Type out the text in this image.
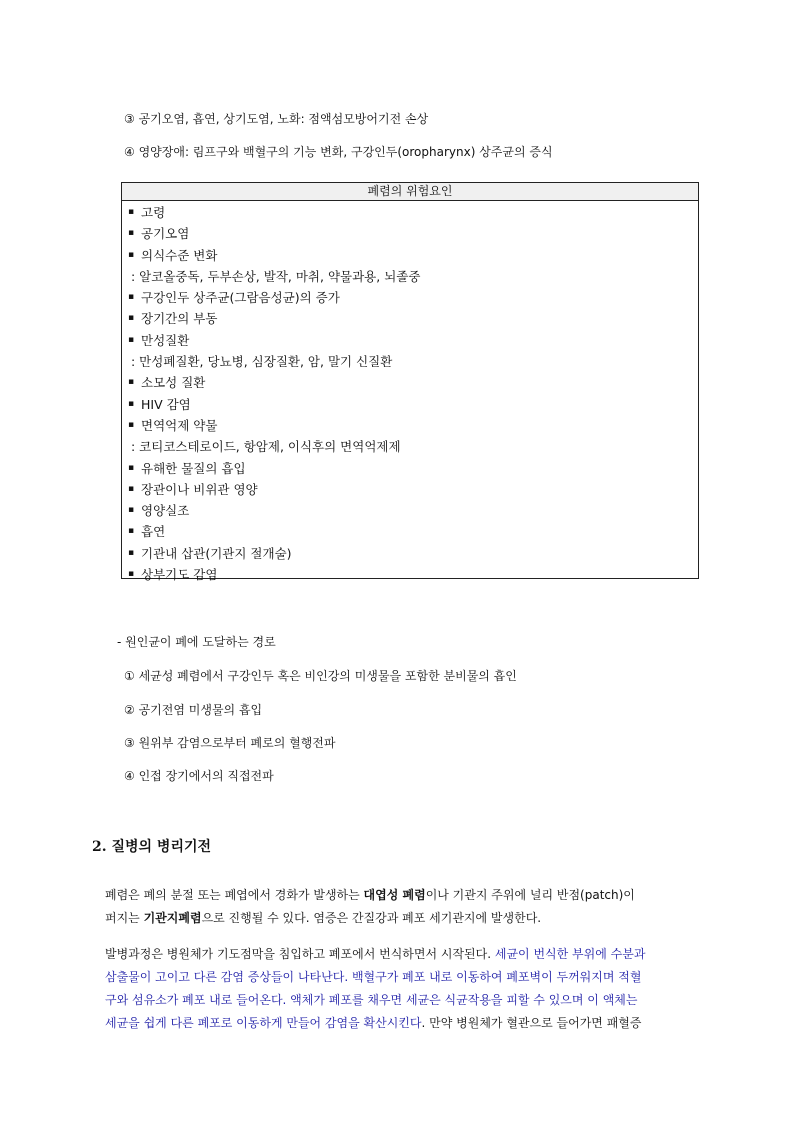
③ 공기오염, 흡연, 상기도염, 노화: 점액섬모방어기전 손상
④ 영양장애: 림프구와 백혈구의 기능 변화, 구강인두(oropharynx) 상주균의 증식
폐렴의 위험요인
▪ 고령
▪ 공기오염
▪ 의식수준 변화
: 알코올중독, 두부손상, 발작, 마취, 약물과용, 뇌졸중
▪ 구강인두 상주균(그람음성균)의 증가
▪ 장기간의 부동
▪ 만성질환
: 만성폐질환, 당뇨병, 심장질환, 암, 말기 신질환
▪ 소모성 질환
▪ HIV 감염
▪ 면역억제 약물
: 코티코스테로이드, 항암제, 이식후의 면역억제제
▪ 유해한 물질의 흡입
▪ 장관이나 비위관 영양
▪ 영양실조
▪ 흡연
▪ 기관내 삽관(기관지 절개술)
▪ 상부기도 감염
- 원인균이 폐에 도달하는 경로
① 세균성 폐렴에서 구강인두 혹은 비인강의 미생물을 포함한 분비물의 흡인
② 공기전염 미생물의 흡입
③ 원위부 감염으로부터 폐로의 혈행전파
④ 인접 장기에서의 직접전파
2. 질병의 병리기전
폐렴은 폐의 분절 또는 폐엽에서 경화가 발생하는 대엽성 폐렴이나 기관지 주위에 널리 반점(patch)이
퍼지는 기관지폐렴으로 진행될 수 있다. 염증은 간질강과 폐포 세기관지에 발생한다.
발병과정은 병원체가 기도점막을 침입하고 폐포에서 번식하면서 시작된다. 세균이 번식한 부위에 수분과
삼출물이 고이고 다른 감염 증상들이 나타난다. 백혈구가 폐포 내로 이동하여 폐포벽이 두꺼워지며 적혈
구와 섬유소가 폐포 내로 들어온다. 액체가 폐포를 채우면 세균은 식균작용을 피할 수 있으며 이 액체는
세균을 쉽게 다른 폐포로 이동하게 만들어 감염을 확산시킨다. 만약 병원체가 혈관으로 들어가면 패혈증
